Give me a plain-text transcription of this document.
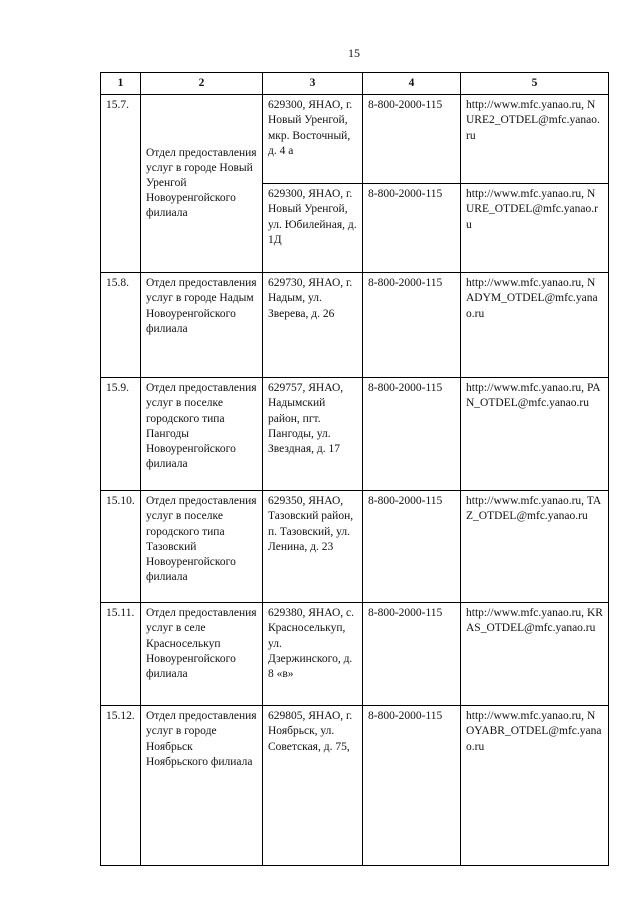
15
1	2	3	4	5
15.7.	Отдел предоставления услуг в городе Новый Уренгой Новоуренгойского филиала	629300, ЯНАО, г. Новый Уренгой, мкр. Восточный, д. 4 а	8-800-2000-115	http://www.mfc.yanao.ru, NURE2_OTDEL@mfc.yanao.ru
		629300, ЯНАО, г. Новый Уренгой, ул. Юбилейная, д. 1Д	8-800-2000-115	http://www.mfc.yanao.ru, NURE_OTDEL@mfc.yanao.ru
15.8.	Отдел предоставления услуг в городе Надым Новоуренгойского филиала	629730, ЯНАО, г. Надым, ул. Зверева, д. 26	8-800-2000-115	http://www.mfc.yanao.ru, NADYM_OTDEL@mfc.yanao.ru
15.9.	Отдел предоставления услуг в поселке городского типа Пангоды Новоуренгойского филиала	629757, ЯНАО, Надымский район, пгт. Пангоды, ул. Звездная, д. 17	8-800-2000-115	http://www.mfc.yanao.ru, PAN_OTDEL@mfc.yanao.ru
15.10.	Отдел предоставления услуг в поселке городского типа Тазовский Новоуренгойского филиала	629350, ЯНАО, Тазовский район, п. Тазовский, ул. Ленина, д. 23	8-800-2000-115	http://www.mfc.yanao.ru, TAZ_OTDEL@mfc.yanao.ru
15.11.	Отдел предоставления услуг в селе Красноселькуп Новоуренгойского филиала	629380, ЯНАО, с. Красноселькуп, ул. Дзержинского, д. 8 «в»	8-800-2000-115	http://www.mfc.yanao.ru, KRAS_OTDEL@mfc.yanao.ru
15.12.	Отдел предоставления услуг в городе Ноябрьск Ноябрьского филиала	629805, ЯНАО, г. Ноябрьск, ул. Советская, д. 75,	8-800-2000-115	http://www.mfc.yanao.ru, NOYABR_OTDEL@mfc.yanao.ru
